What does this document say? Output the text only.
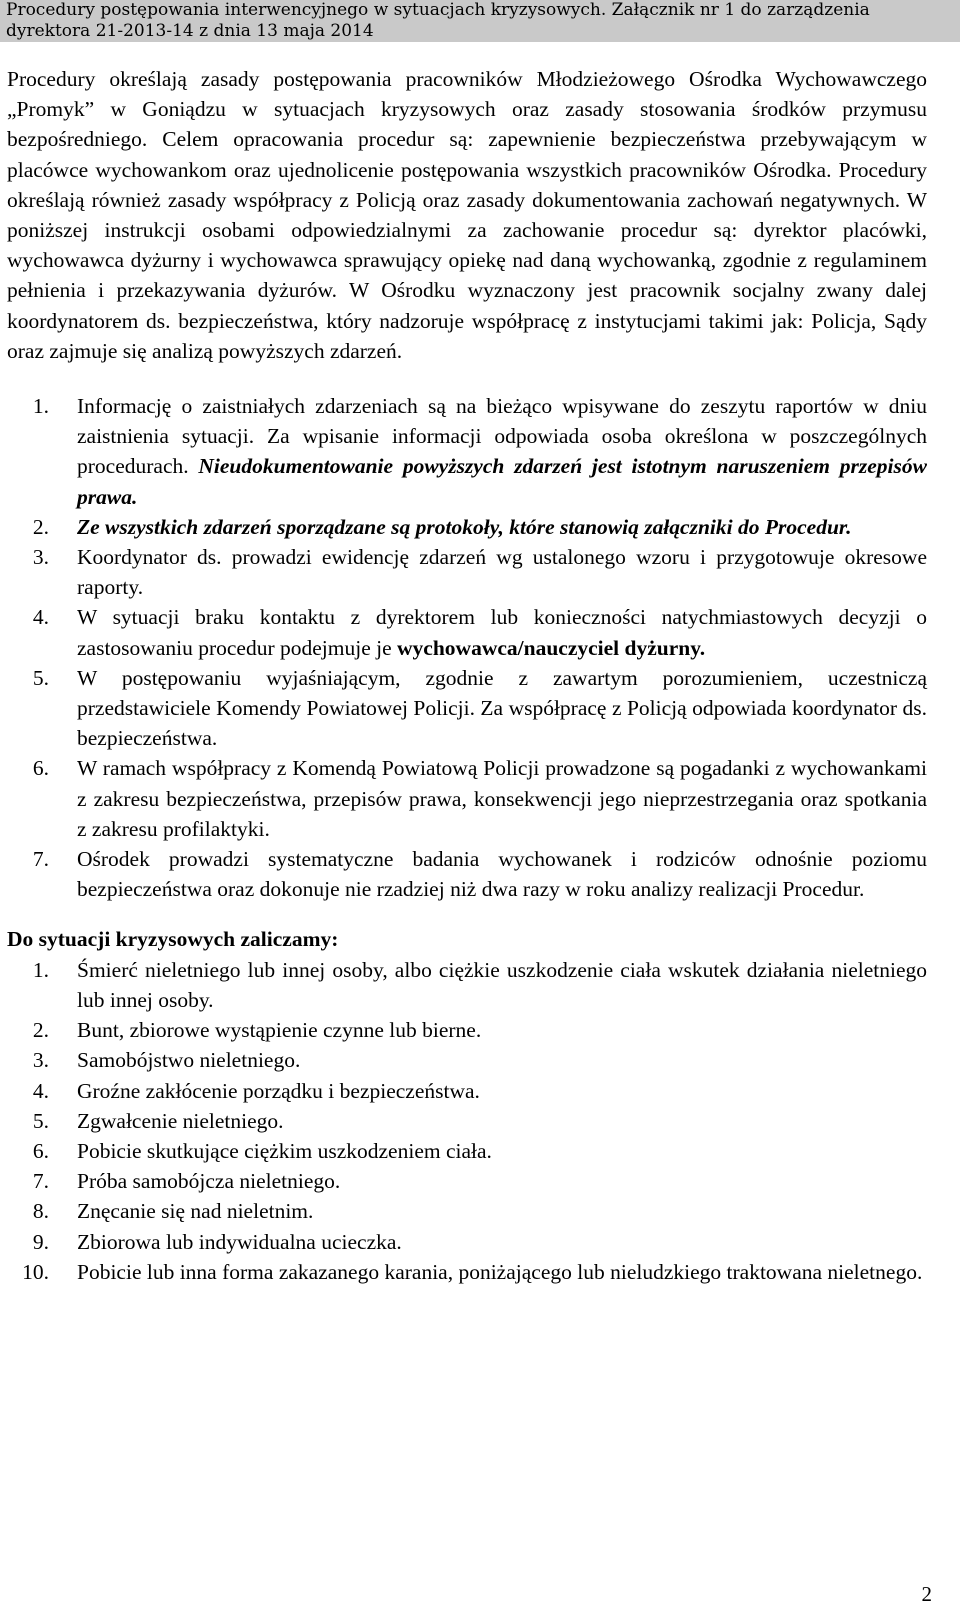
Procedury postępowania interwencyjnego w sytuacjach kryzysowych. Załącznik nr 1 do zarządzenia
dyrektora 21-2013-14 z dnia 13 maja 2014

Procedury określają zasady postępowania pracowników Młodzieżowego Ośrodka Wychowawczego „Promyk” w Goniądzu w sytuacjach kryzysowych oraz zasady stosowania środków przymusu bezpośredniego. Celem opracowania procedur są: zapewnienie bezpieczeństwa przebywającym w placówce wychowankom oraz ujednolicenie postępowania wszystkich pracowników Ośrodka. Procedury określają również zasady współpracy z Policją oraz zasady dokumentowania zachowań negatywnych. W poniższej instrukcji osobami odpowiedzialnymi za zachowanie procedur są: dyrektor placówki, wychowawca dyżurny i wychowawca sprawujący opiekę nad daną wychowanką, zgodnie z regulaminem pełnienia i przekazywania dyżurów. W Ośrodku wyznaczony jest pracownik socjalny zwany dalej koordynatorem ds. bezpieczeństwa, który nadzoruje współpracę z instytucjami takimi jak: Policja, Sądy oraz zajmuje się analizą powyższych zdarzeń.

1.	Informację o zaistniałych zdarzeniach są na bieżąco wpisywane do zeszytu raportów w dniu zaistnienia sytuacji. Za wpisanie informacji odpowiada osoba określona w poszczególnych procedurach. Nieudokumentowanie powyższych zdarzeń jest istotnym naruszeniem przepisów prawa.
2.	Ze wszystkich zdarzeń sporządzane są protokoły, które stanowią załączniki do Procedur.
3.	Koordynator ds. prowadzi ewidencję zdarzeń wg ustalonego wzoru i przygotowuje okresowe raporty.
4.	W sytuacji braku kontaktu z dyrektorem lub konieczności natychmiastowych decyzji o zastosowaniu procedur podejmuje je wychowawca/nauczyciel dyżurny.
5.	W postępowaniu wyjaśniającym, zgodnie z zawartym porozumieniem, uczestniczą przedstawiciele Komendy Powiatowej Policji. Za współpracę z Policją odpowiada koordynator ds. bezpieczeństwa.
6.	W ramach współpracy z Komendą Powiatową Policji prowadzone są pogadanki z wychowankami z zakresu bezpieczeństwa, przepisów prawa, konsekwencji jego nieprzestrzegania oraz spotkania z zakresu profilaktyki.
7.	Ośrodek prowadzi systematyczne badania wychowanek i rodziców odnośnie poziomu bezpieczeństwa oraz dokonuje nie rzadziej niż dwa razy w roku analizy realizacji Procedur.

Do sytuacji kryzysowych zaliczamy:

1.	Śmierć nieletniego lub innej osoby, albo ciężkie uszkodzenie ciała wskutek działania nieletniego lub innej osoby.
2.	Bunt, zbiorowe wystąpienie czynne lub bierne.
3.	Samobójstwo nieletniego.
4.	Groźne zakłócenie porządku i bezpieczeństwa.
5.	Zgwałcenie nieletniego.
6.	Pobicie skutkujące ciężkim uszkodzeniem ciała.
7.	Próba samobójcza nieletniego.
8.	Znęcanie się nad nieletnim.
9.	Zbiorowa lub indywidualna ucieczka.
10.	Pobicie lub inna forma zakazanego karania, poniżającego lub nieludzkiego traktowana nieletnego.
2
